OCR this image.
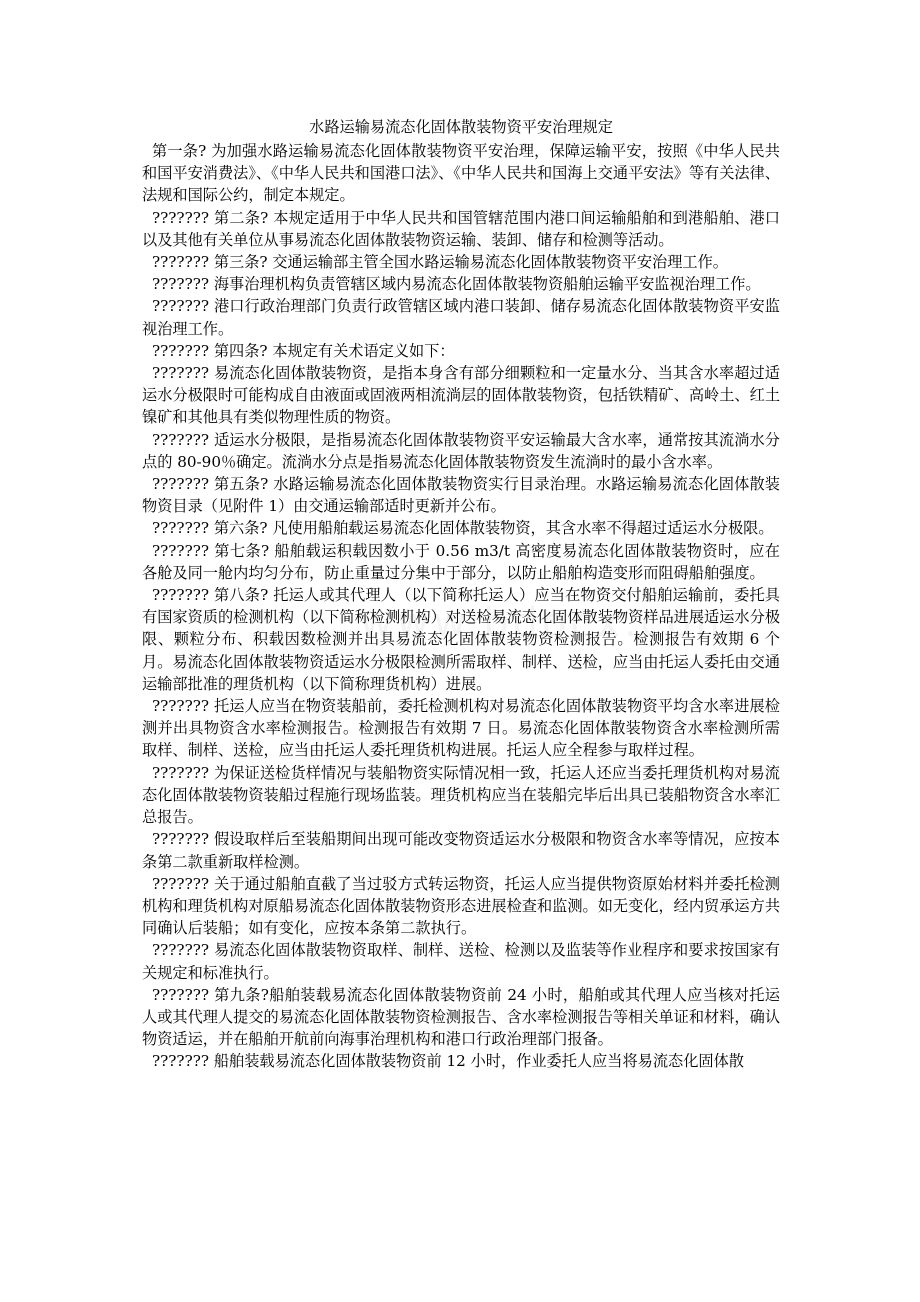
水路运输易流态化固体散装物资平安治理规定

第一条? 为加强水路运输易流态化固体散装物资平安治理，保障运输平安，按照《中华人民共和国平安消费法》、《中华人民共和国港口法》、《中华人民共和国海上交通平安法》等有关法律、法规和国际公约，制定本规定。

??????? 第二条? 本规定适用于中华人民共和国管辖范围内港口间运输船舶和到港船舶、港口以及其他有关单位从事易流态化固体散装物资运输、装卸、储存和检测等活动。

??????? 第三条? 交通运输部主管全国水路运输易流态化固体散装物资平安治理工作。

??????? 海事治理机构负责管辖区域内易流态化固体散装物资船舶运输平安监视治理工作。

??????? 港口行政治理部门负责行政管辖区域内港口装卸、储存易流态化固体散装物资平安监视治理工作。

??????? 第四条? 本规定有关术语定义如下：

??????? 易流态化固体散装物资，是指本身含有部分细颗粒和一定量水分、当其含水率超过适运水分极限时可能构成自由液面或固液两相流淌层的固体散装物资，包括铁精矿、高岭土、红土镍矿和其他具有类似物理性质的物资。

??????? 适运水分极限，是指易流态化固体散装物资平安运输最大含水率，通常按其流淌水分点的 80-90％确定。流淌水分点是指易流态化固体散装物资发生流淌时的最小含水率。

??????? 第五条? 水路运输易流态化固体散装物资实行目录治理。水路运输易流态化固体散装物资目录（见附件 1）由交通运输部适时更新并公布。

??????? 第六条? 凡使用船舶载运易流态化固体散装物资，其含水率不得超过适运水分极限。

??????? 第七条? 船舶载运积载因数小于 0.56 m3/t 高密度易流态化固体散装物资时，应在各舱及同一舱内均匀分布，防止重量过分集中于部分，以防止船舶构造变形而阻碍船舶强度。

??????? 第八条? 托运人或其代理人（以下简称托运人）应当在物资交付船舶运输前，委托具有国家资质的检测机构（以下简称检测机构）对送检易流态化固体散装物资样品进展适运水分极限、颗粒分布、积载因数检测并出具易流态化固体散装物资检测报告。检测报告有效期 6 个月。易流态化固体散装物资适运水分极限检测所需取样、制样、送检，应当由托运人委托由交通运输部批准的理货机构（以下简称理货机构）进展。

??????? 托运人应当在物资装船前，委托检测机构对易流态化固体散装物资平均含水率进展检测并出具物资含水率检测报告。检测报告有效期 7 日。易流态化固体散装物资含水率检测所需取样、制样、送检，应当由托运人委托理货机构进展。托运人应全程参与取样过程。

??????? 为保证送检货样情况与装船物资实际情况相一致，托运人还应当委托理货机构对易流态化固体散装物资装船过程施行现场监装。理货机构应当在装船完毕后出具已装船物资含水率汇总报告。

??????? 假设取样后至装船期间出现可能改变物资适运水分极限和物资含水率等情况，应按本条第二款重新取样检测。

??????? 关于通过船舶直截了当过驳方式转运物资，托运人应当提供物资原始材料并委托检测机构和理货机构对原船易流态化固体散装物资形态进展检查和监测。如无变化，经内贸承运方共同确认后装船；如有变化，应按本条第二款执行。

??????? 易流态化固体散装物资取样、制样、送检、检测以及监装等作业程序和要求按国家有关规定和标准执行。

??????? 第九条?船舶装载易流态化固体散装物资前 24 小时，船舶或其代理人应当核对托运人或其代理人提交的易流态化固体散装物资检测报告、含水率检测报告等相关单证和材料，确认物资适运，并在船舶开航前向海事治理机构和港口行政治理部门报备。

??????? 船舶装载易流态化固体散装物资前 12 小时，作业委托人应当将易流态化固体散
